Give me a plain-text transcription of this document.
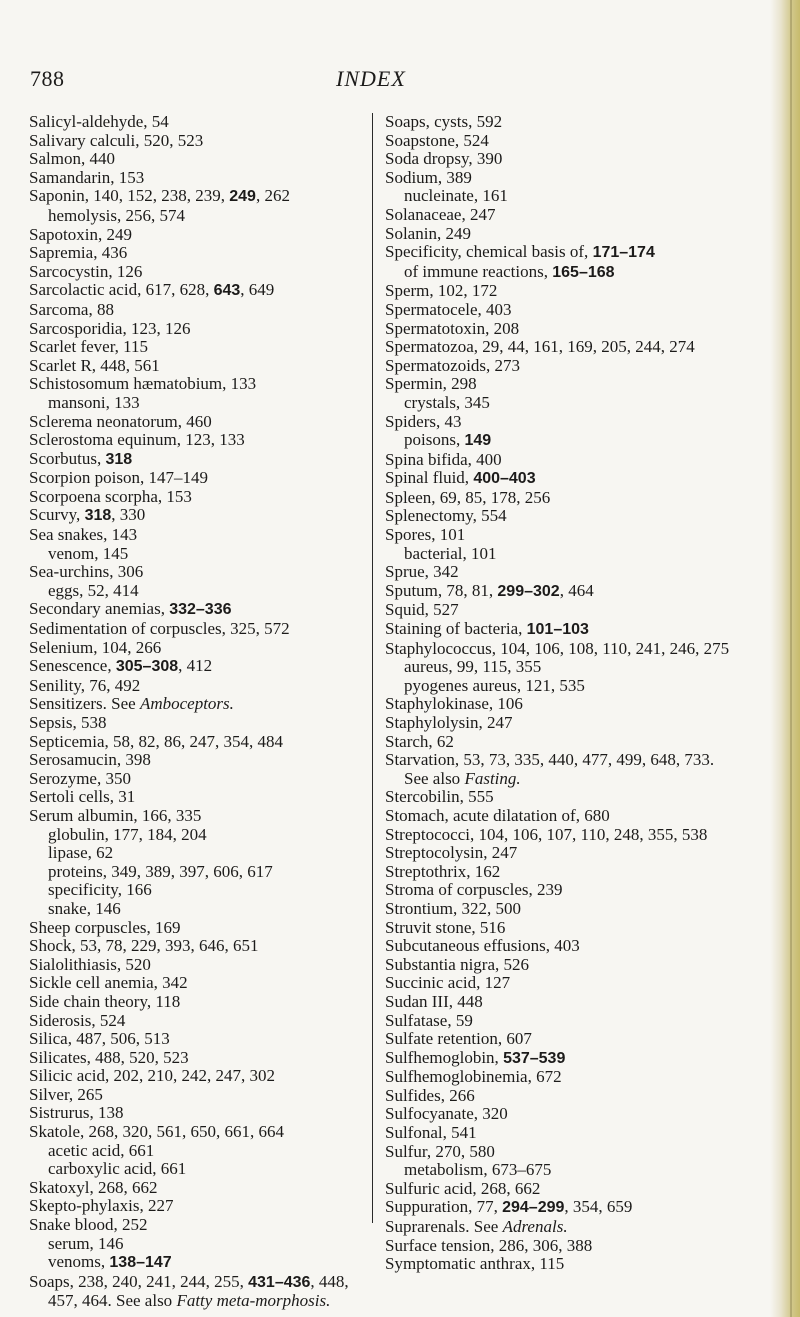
788	INDEX
Salicyl-aldehyde, 54
Salivary calculi, 520, 523
Salmon, 440
Samandarin, 153
Saponin, 140, 152, 238, 239, 249, 262
hemolysis, 256, 574
Sapotoxin, 249
Sapremia, 436
Sarcocystin, 126
Sarcolactic acid, 617, 628, 643, 649
Sarcoma, 88
Sarcosporidia, 123, 126
Scarlet fever, 115
Scarlet R, 448, 561
Schistosomum hæmatobium, 133
mansoni, 133
Sclerema neonatorum, 460
Sclerostoma equinum, 123, 133
Scorbutus, 318
Scorpion poison, 147–149
Scorpoena scorpha, 153
Scurvy, 318, 330
Sea snakes, 143
venom, 145
Sea-urchins, 306
eggs, 52, 414
Secondary anemias, 332–336
Sedimentation of corpuscles, 325, 572
Selenium, 104, 266
Senescence, 305–308, 412
Senility, 76, 492
Sensitizers. See Amboceptors.
Sepsis, 538
Septicemia, 58, 82, 86, 247, 354, 484
Serosamucin, 398
Serozyme, 350
Sertoli cells, 31
Serum albumin, 166, 335
globulin, 177, 184, 204
lipase, 62
proteins, 349, 389, 397, 606, 617
specificity, 166
snake, 146
Sheep corpuscles, 169
Shock, 53, 78, 229, 393, 646, 651
Sialolithiasis, 520
Sickle cell anemia, 342
Side chain theory, 118
Siderosis, 524
Silica, 487, 506, 513
Silicates, 488, 520, 523
Silicic acid, 202, 210, 242, 247, 302
Silver, 265
Sistrurus, 138
Skatole, 268, 320, 561, 650, 661, 664
acetic acid, 661
carboxylic acid, 661
Skatoxyl, 268, 662
Skepto-phylaxis, 227
Snake blood, 252
serum, 146
venoms, 138–147
Soaps, 238, 240, 241, 244, 255, 431–436, 448, 457, 464. See also Fatty meta-morphosis.
Soaps, cysts, 592
Soapstone, 524
Soda dropsy, 390
Sodium, 389
nucleinate, 161
Solanaceae, 247
Solanin, 249
Specificity, chemical basis of, 171–174
of immune reactions, 165–168
Sperm, 102, 172
Spermatocele, 403
Spermatotoxin, 208
Spermatozoa, 29, 44, 161, 169, 205, 244, 274
Spermatozoids, 273
Spermin, 298
crystals, 345
Spiders, 43
poisons, 149
Spina bifida, 400
Spinal fluid, 400–403
Spleen, 69, 85, 178, 256
Splenectomy, 554
Spores, 101
bacterial, 101
Sprue, 342
Sputum, 78, 81, 299–302, 464
Squid, 527
Staining of bacteria, 101–103
Staphylococcus, 104, 106, 108, 110, 241, 246, 275
aureus, 99, 115, 355
pyogenes aureus, 121, 535
Staphylokinase, 106
Staphylolysin, 247
Starch, 62
Starvation, 53, 73, 335, 440, 477, 499, 648, 733. See also Fasting.
Stercobilin, 555
Stomach, acute dilatation of, 680
Streptococci, 104, 106, 107, 110, 248, 355, 538
Streptocolysin, 247
Streptothrix, 162
Stroma of corpuscles, 239
Strontium, 322, 500
Struvit stone, 516
Subcutaneous effusions, 403
Substantia nigra, 526
Succinic acid, 127
Sudan III, 448
Sulfatase, 59
Sulfate retention, 607
Sulfhemoglobin, 537–539
Sulfhemoglobinemia, 672
Sulfides, 266
Sulfocyanate, 320
Sulfonal, 541
Sulfur, 270, 580
metabolism, 673–675
Sulfuric acid, 268, 662
Suppuration, 77, 294–299, 354, 659
Suprarenals. See Adrenals.
Surface tension, 286, 306, 388
Symptomatic anthrax, 115
